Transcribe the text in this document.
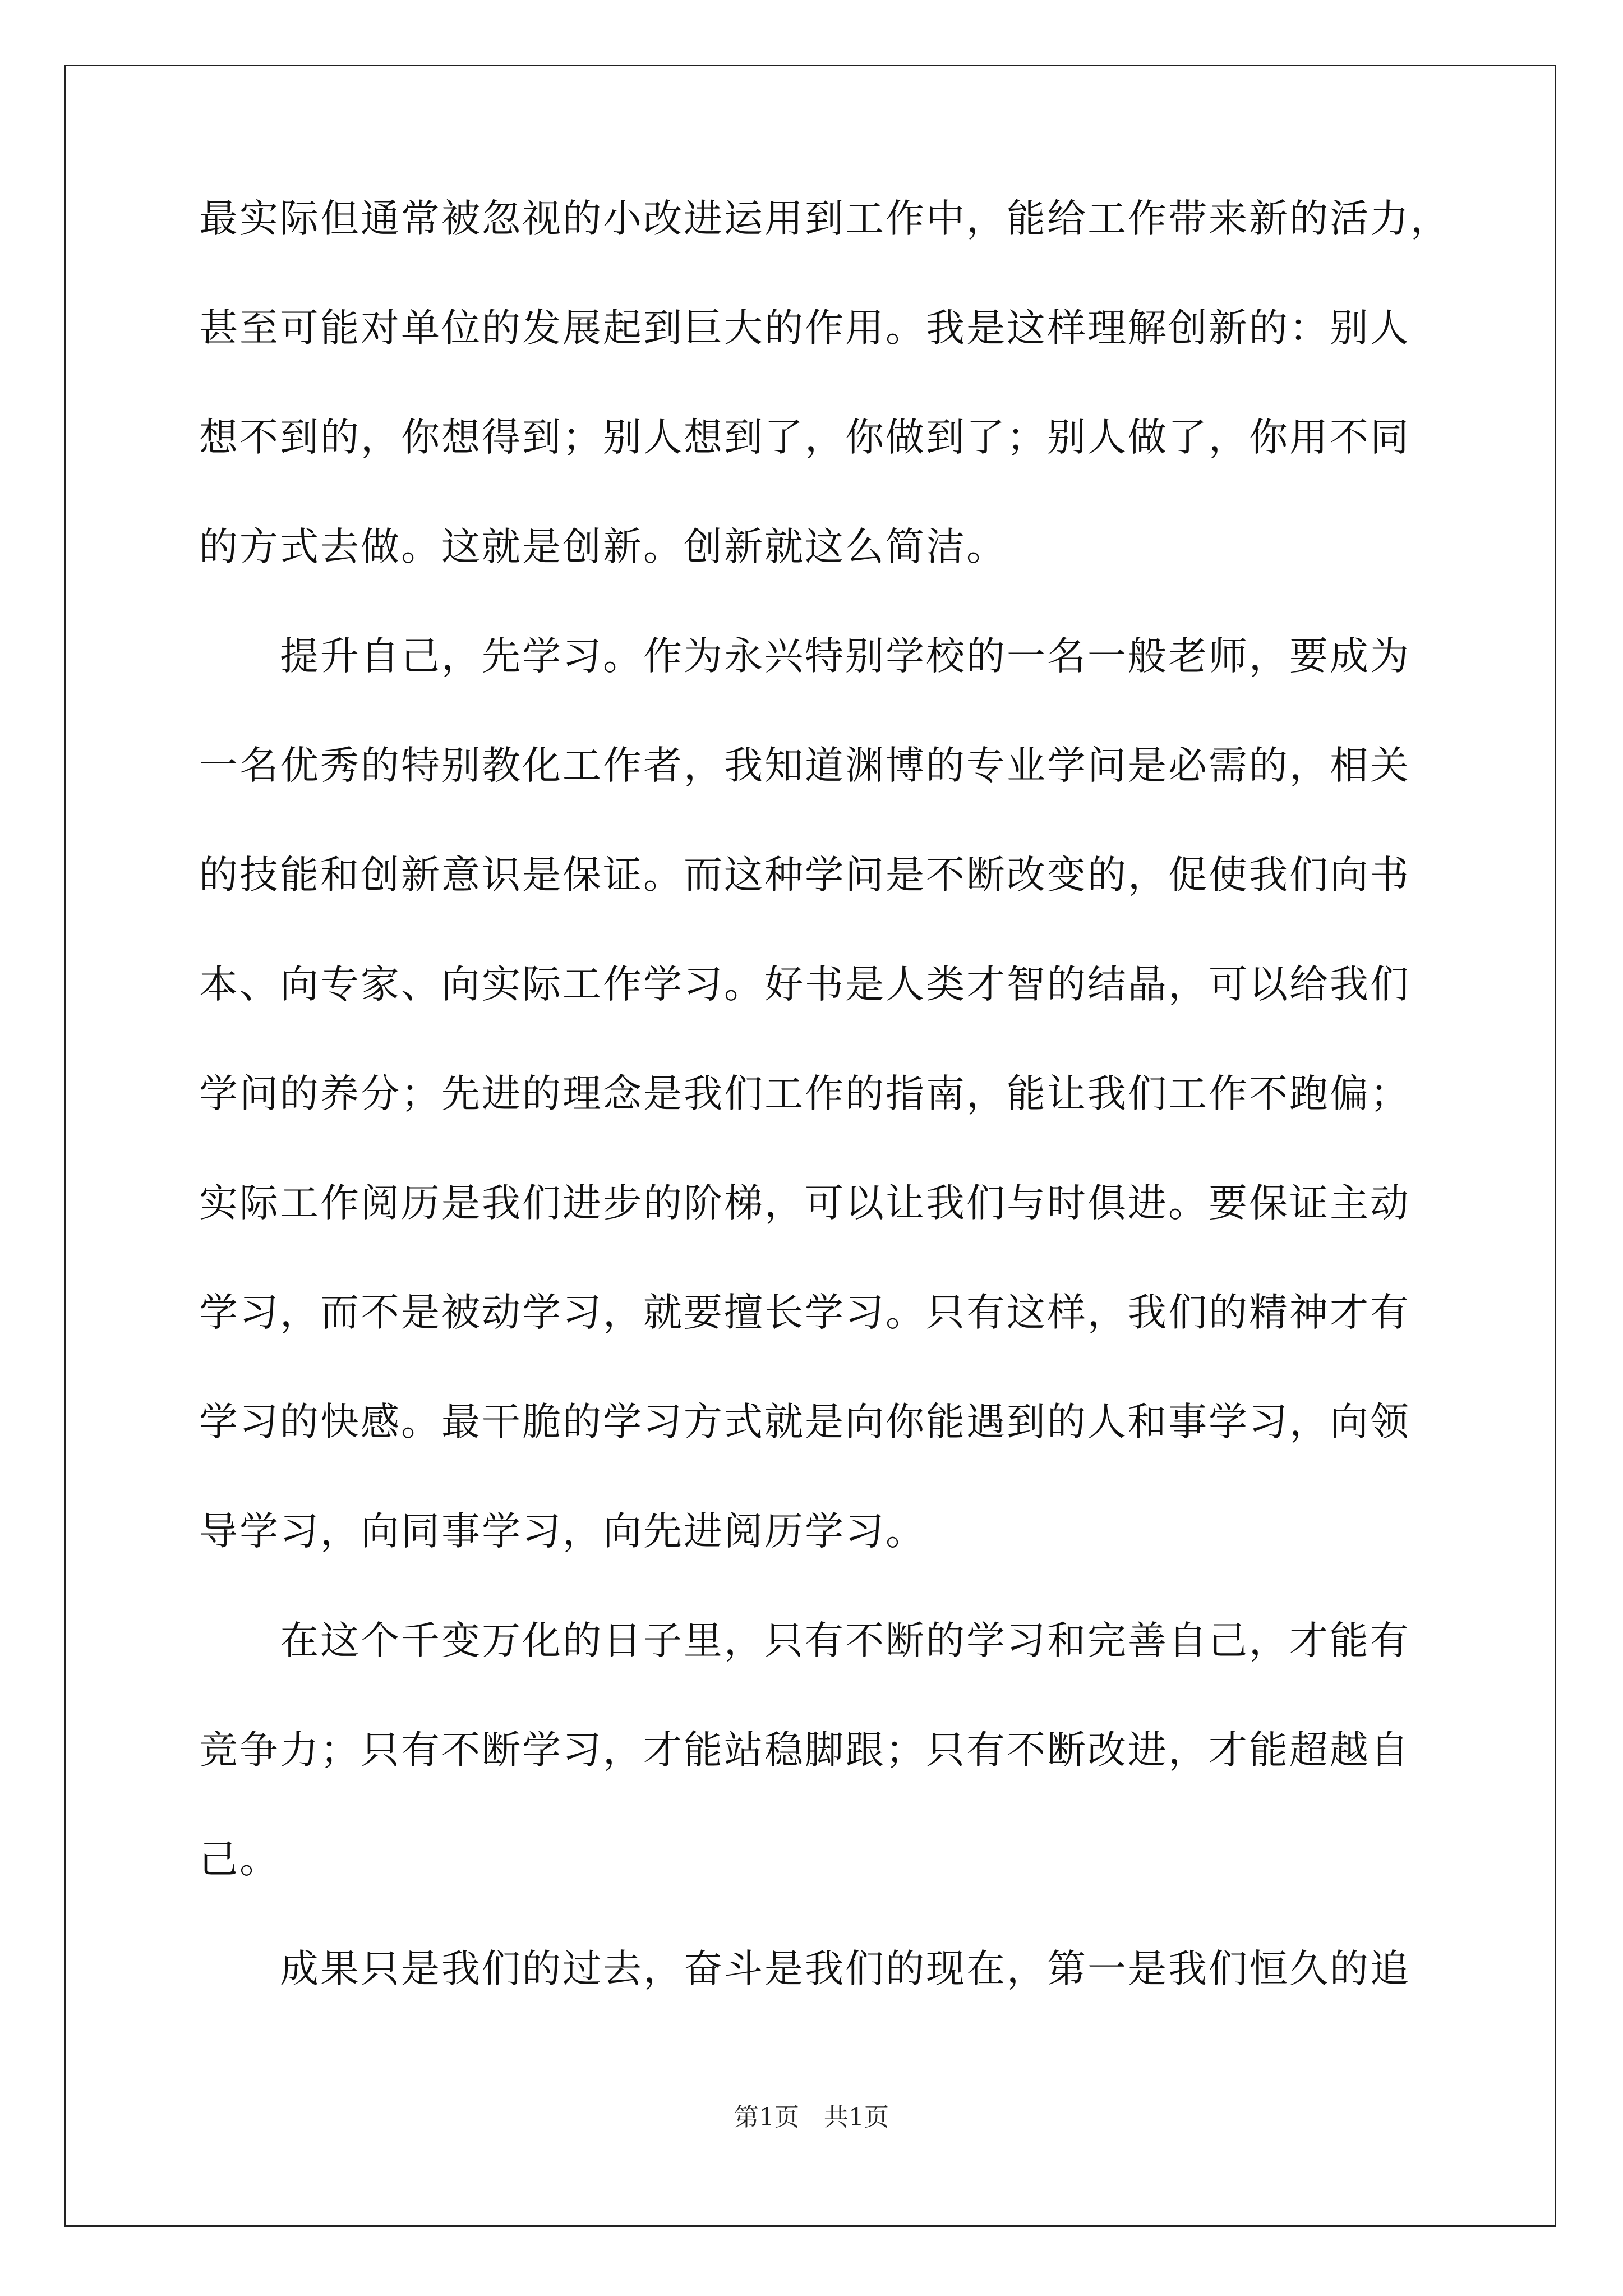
最实际但通常被忽视的小改进运用到工作中，能给工作带来新的活力，
甚至可能对单位的发展起到巨大的作用。我是这样理解创新的：别人
想不到的，你想得到；别人想到了，你做到了；别人做了，你用不同
的方式去做。这就是创新。创新就这么简洁。
　　提升自己，先学习。作为永兴特别学校的一名一般老师，要成为
一名优秀的特别教化工作者，我知道渊博的专业学问是必需的，相关
的技能和创新意识是保证。而这种学问是不断改变的，促使我们向书
本、向专家、向实际工作学习。好书是人类才智的结晶，可以给我们
学问的养分；先进的理念是我们工作的指南，能让我们工作不跑偏；
实际工作阅历是我们进步的阶梯，可以让我们与时俱进。要保证主动
学习，而不是被动学习，就要擅长学习。只有这样，我们的精神才有
学习的快感。最干脆的学习方式就是向你能遇到的人和事学习，向领
导学习，向同事学习，向先进阅历学习。
　　在这个千变万化的日子里，只有不断的学习和完善自己，才能有
竞争力；只有不断学习，才能站稳脚跟；只有不断改进，才能超越自
己。
　　成果只是我们的过去，奋斗是我们的现在，第一是我们恒久的追
第1页　共1页
